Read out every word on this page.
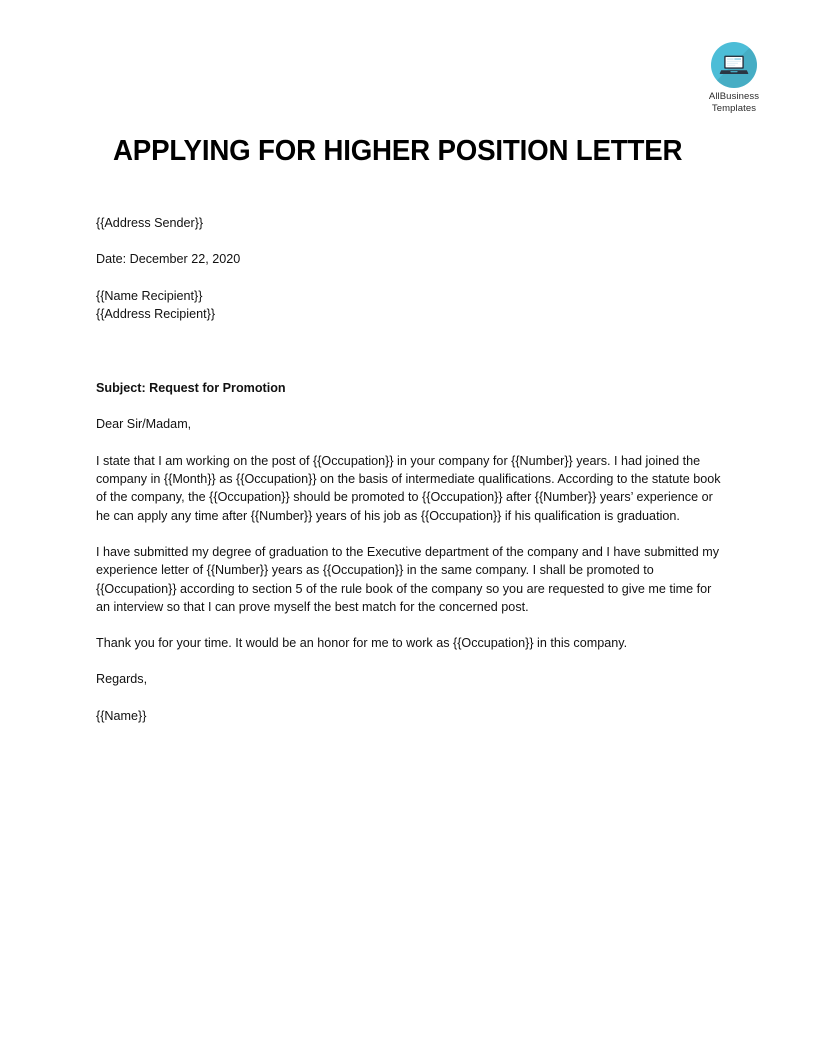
AllBusiness
Templates
APPLYING FOR HIGHER POSITION LETTER

{{Address Sender}}

Date: December 22, 2020

{{Name Recipient}}

{{Address Recipient}}

Subject: Request for Promotion

Dear Sir/Madam,

I state that I am working on the post of {{Occupation}} in your company for {{Number}} years. I had joined the company in {{Month}} as {{Occupation}} on the basis of intermediate qualifications. According to the statute book of the company, the {{Occupation}} should be promoted to {{Occupation}} after {{Number}} years’ experience or he can apply any time after {{Number}} years of his job as {{Occupation}} if his qualification is graduation.

I have submitted my degree of graduation to the Executive department of the company and I have submitted my experience letter of {{Number}} years as {{Occupation}} in the same company. I shall be promoted to {{Occupation}} according to section 5 of the rule book of the company so you are requested to give me time for an interview so that I can prove myself the best match for the concerned post.

Thank you for your time. It would be an honor for me to work as {{Occupation}} in this company.

Regards,

{{Name}}
